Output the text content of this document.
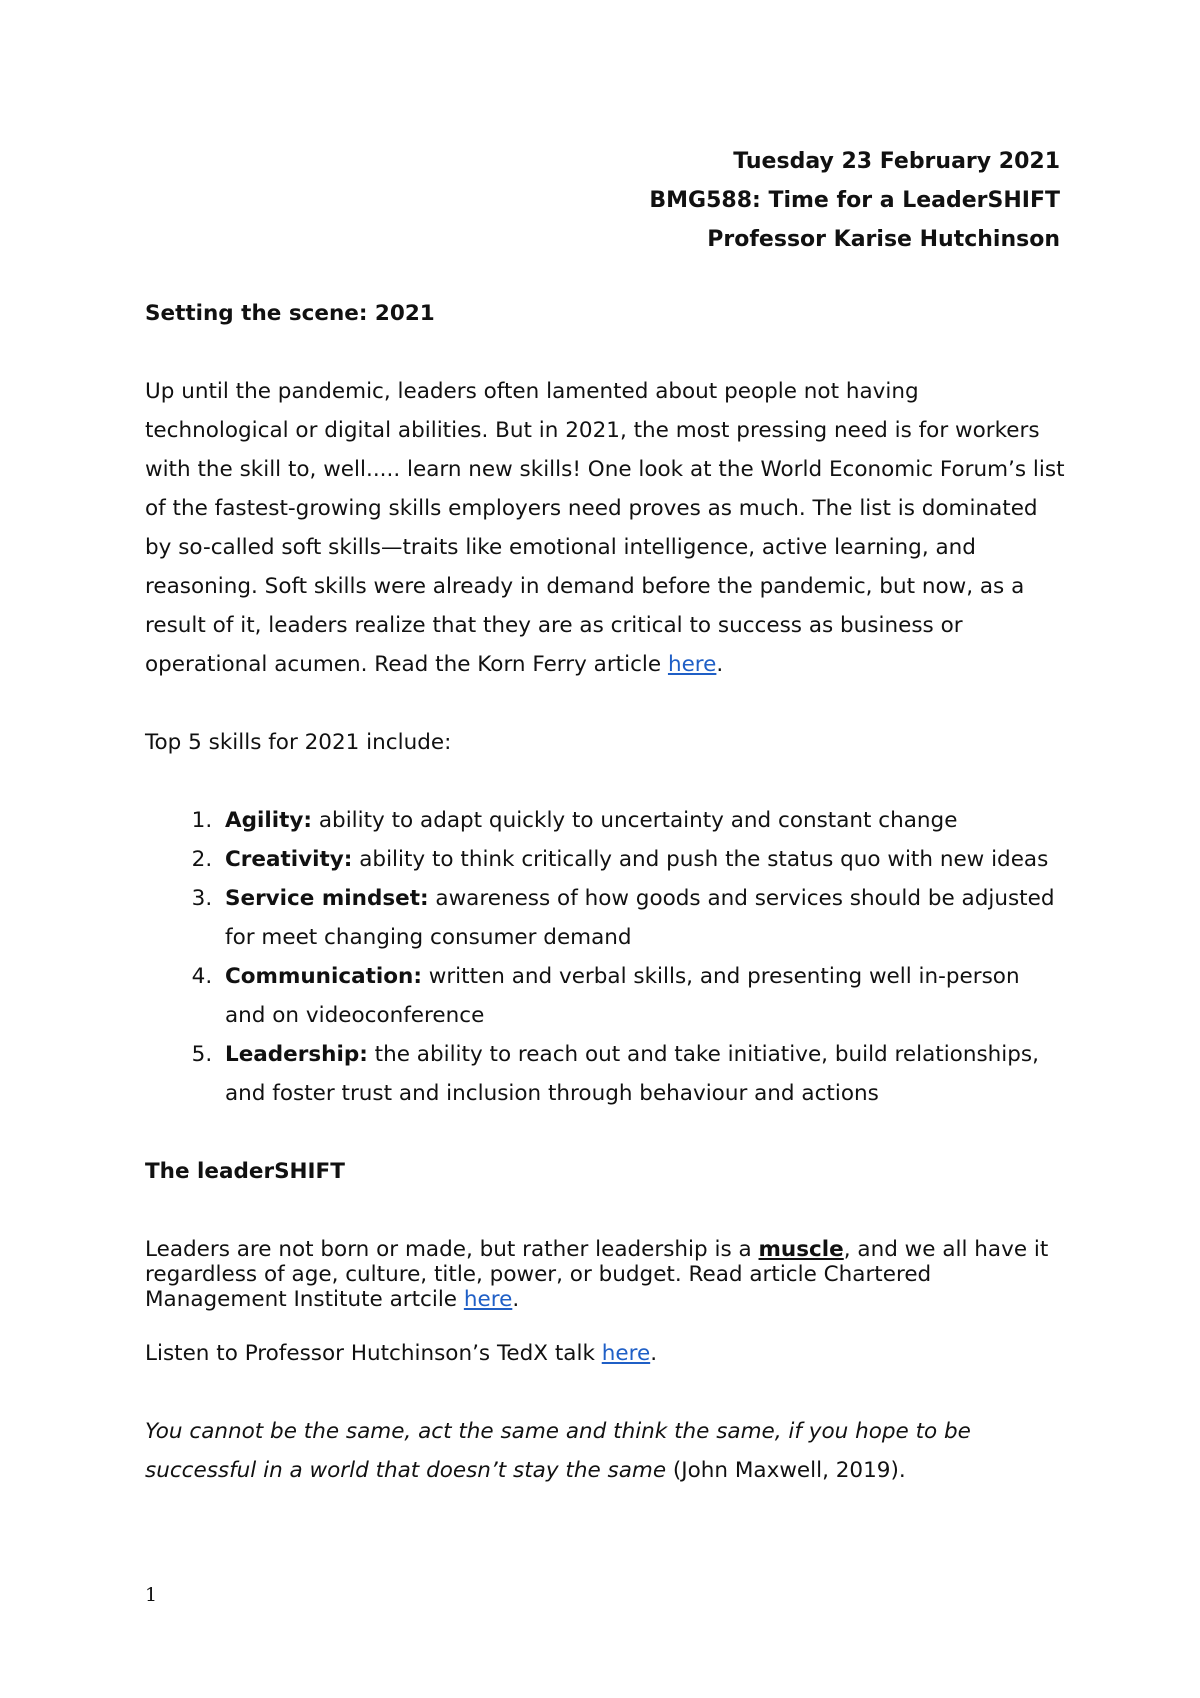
Tuesday 23 February 2021
BMG588: Time for a LeaderSHIFT
Professor Karise Hutchinson

Setting the scene: 2021

Up until the pandemic, leaders often lamented about people not having technological or digital abilities. But in 2021, the most pressing need is for workers with the skill to, well..... learn new skills! One look at the World Economic Forum’s list of the fastest-growing skills employers need proves as much. The list is dominated by so-called soft skills—traits like emotional intelligence, active learning, and reasoning. Soft skills were already in demand before the pandemic, but now, as a result of it, leaders realize that they are as critical to success as business or operational acumen. Read the Korn Ferry article here.

Top 5 skills for 2021 include:

1. Agility: ability to adapt quickly to uncertainty and constant change
2. Creativity: ability to think critically and push the status quo with new ideas
3. Service mindset: awareness of how goods and services should be adjusted for meet changing consumer demand
4. Communication: written and verbal skills, and presenting well in-person and on videoconference
5. Leadership: the ability to reach out and take initiative, build relationships, and foster trust and inclusion through behaviour and actions

The leaderSHIFT

Leaders are not born or made, but rather leadership is a muscle, and we all have it regardless of age, culture, title, power, or budget. Read article Chartered Management Institute artcile here.

Listen to Professor Hutchinson’s TedX talk here.

You cannot be the same, act the same and think the same, if you hope to be successful in a world that doesn’t stay the same (John Maxwell, 2019).

1
